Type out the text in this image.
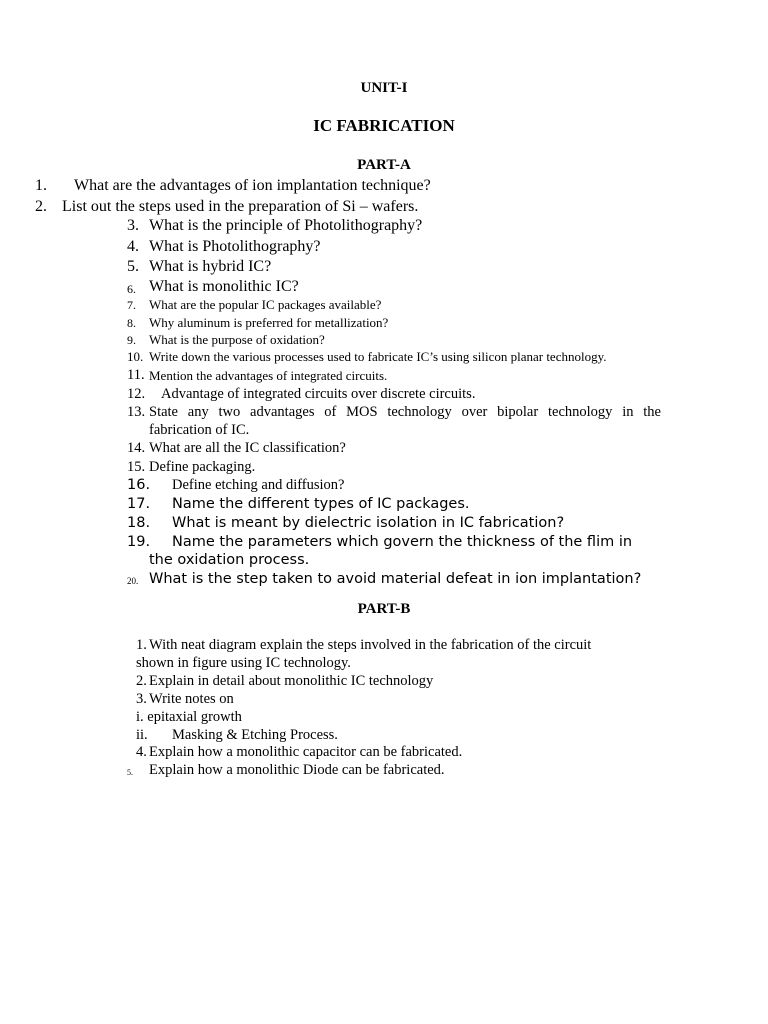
UNIT-I
IC FABRICATION
PART-A
1. What are the advantages of ion implantation technique?
2. List out the steps used in the preparation of Si – wafers.
3. What is the principle of Photolithography?
4. What is Photolithography?
5. What is hybrid IC?
6. What is monolithic IC?
7. What are the popular IC packages available?
8. Why aluminum is preferred for metallization?
9. What is the purpose of oxidation?
10. Write down the various processes used to fabricate IC’s using silicon planar technology.
11. Mention the advantages of integrated circuits.
12. Advantage of integrated circuits over discrete circuits.
13. State any two advantages of MOS technology over bipolar technology in the
fabrication of IC.
14. What are all the IC classification?
15. Define packaging.
16. Define etching and diffusion?
17. Name the different types of IC packages.
18. What is meant by dielectric isolation in IC fabrication?
19. Name the parameters which govern the thickness of the flim in
the oxidation process.
20. What is the step taken to avoid material defeat in ion implantation?
PART-B
1. With neat diagram explain the steps involved in the fabrication of the circuit
shown in figure using IC technology.
2. Explain in detail about monolithic IC technology
3. Write notes on
i. epitaxial growth
ii. Masking & Etching Process.
4. Explain how a monolithic capacitor can be fabricated.
5. Explain how a monolithic Diode can be fabricated.
